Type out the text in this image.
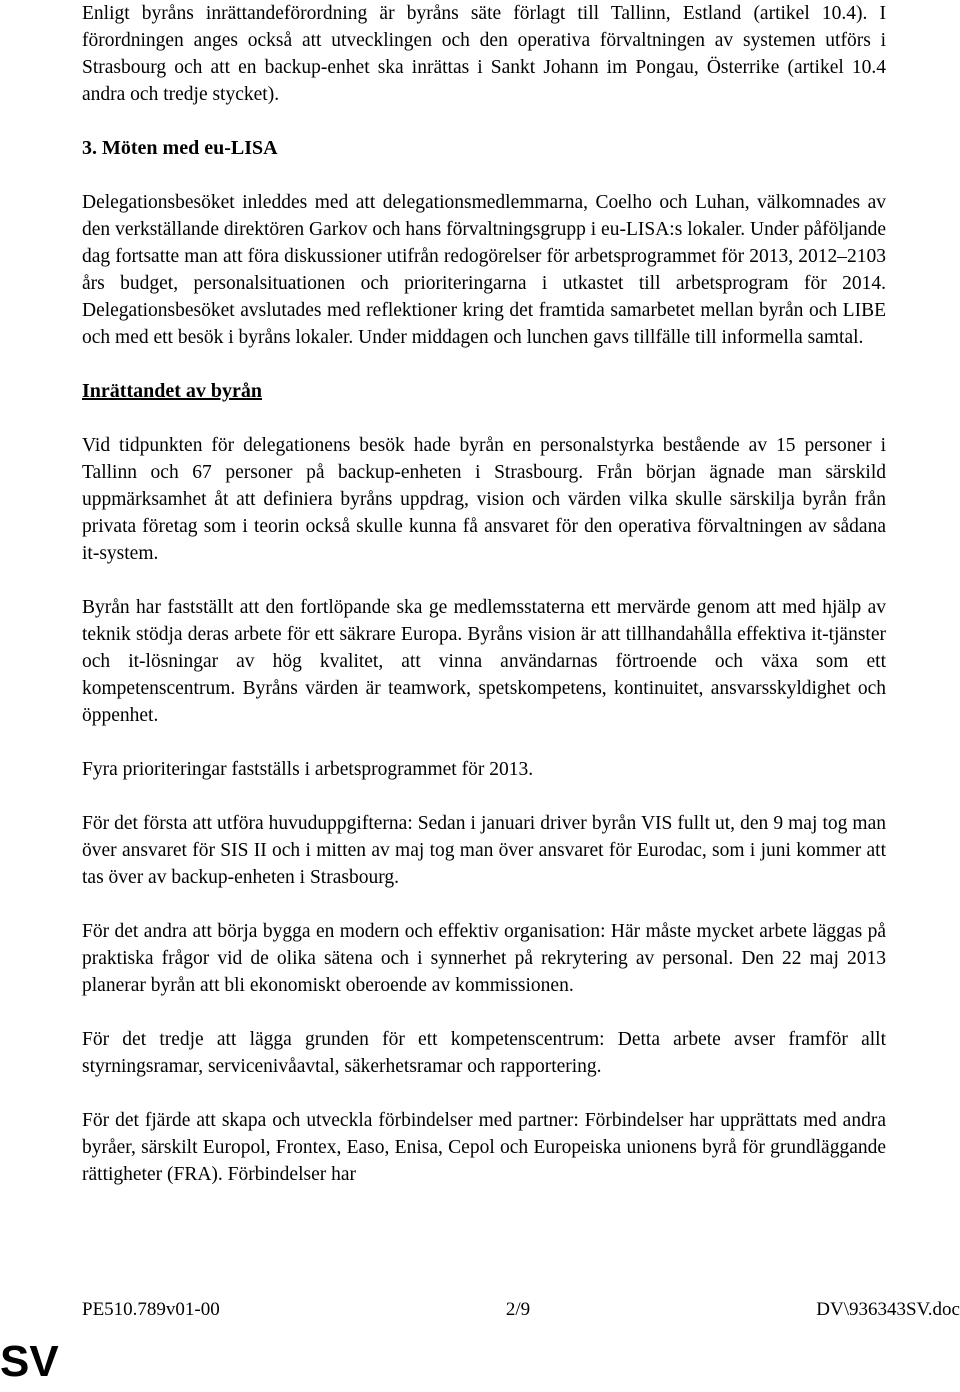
Enligt byråns inrättandeförordning är byråns säte förlagt till Tallinn, Estland (artikel 10.4). I förordningen anges också att utvecklingen och den operativa förvaltningen av systemen utförs i Strasbourg och att en backup-enhet ska inrättas i Sankt Johann im Pongau, Österrike (artikel 10.4 andra och tredje stycket).

3. Möten med eu-LISA

Delegationsbesöket inleddes med att delegationsmedlemmarna, Coelho och Luhan, välkomnades av den verkställande direktören Garkov och hans förvaltningsgrupp i eu-LISA:s lokaler. Under påföljande dag fortsatte man att föra diskussioner utifrån redogörelser för arbetsprogrammet för 2013, 2012–2103 års budget, personalsituationen och prioriteringarna i utkastet till arbetsprogram för 2014. Delegationsbesöket avslutades med reflektioner kring det framtida samarbetet mellan byrån och LIBE och med ett besök i byråns lokaler. Under middagen och lunchen gavs tillfälle till informella samtal.

Inrättandet av byrån

Vid tidpunkten för delegationens besök hade byrån en personalstyrka bestående av 15 personer i Tallinn och 67 personer på backup-enheten i Strasbourg. Från början ägnade man särskild uppmärksamhet åt att definiera byråns uppdrag, vision och värden vilka skulle särskilja byrån från privata företag som i teorin också skulle kunna få ansvaret för den operativa förvaltningen av sådana it-system.

Byrån har fastställt att den fortlöpande ska ge medlemsstaterna ett mervärde genom att med hjälp av teknik stödja deras arbete för ett säkrare Europa. Byråns vision är att tillhandahålla effektiva it-tjänster och it-lösningar av hög kvalitet, att vinna användarnas förtroende och växa som ett kompetenscentrum. Byråns värden är teamwork, spetskompetens, kontinuitet, ansvarsskyldighet och öppenhet.

Fyra prioriteringar fastställs i arbetsprogrammet för 2013.

För det första att utföra huvuduppgifterna: Sedan i januari driver byrån VIS fullt ut, den 9 maj tog man över ansvaret för SIS II och i mitten av maj tog man över ansvaret för Eurodac, som i juni kommer att tas över av backup-enheten i Strasbourg.

För det andra att börja bygga en modern och effektiv organisation: Här måste mycket arbete läggas på praktiska frågor vid de olika sätena och i synnerhet på rekrytering av personal. Den 22 maj 2013 planerar byrån att bli ekonomiskt oberoende av kommissionen.

För det tredje att lägga grunden för ett kompetenscentrum: Detta arbete avser framför allt styrningsramar, servicenivåavtal, säkerhetsramar och rapportering.

För det fjärde att skapa och utveckla förbindelser med partner: Förbindelser har upprättats med andra byråer, särskilt Europol, Frontex, Easo, Enisa, Cepol och Europeiska unionens byrå för grundläggande rättigheter (FRA). Förbindelser har

PE510.789v01-00	2/9	DV\936343SV.doc
SV
